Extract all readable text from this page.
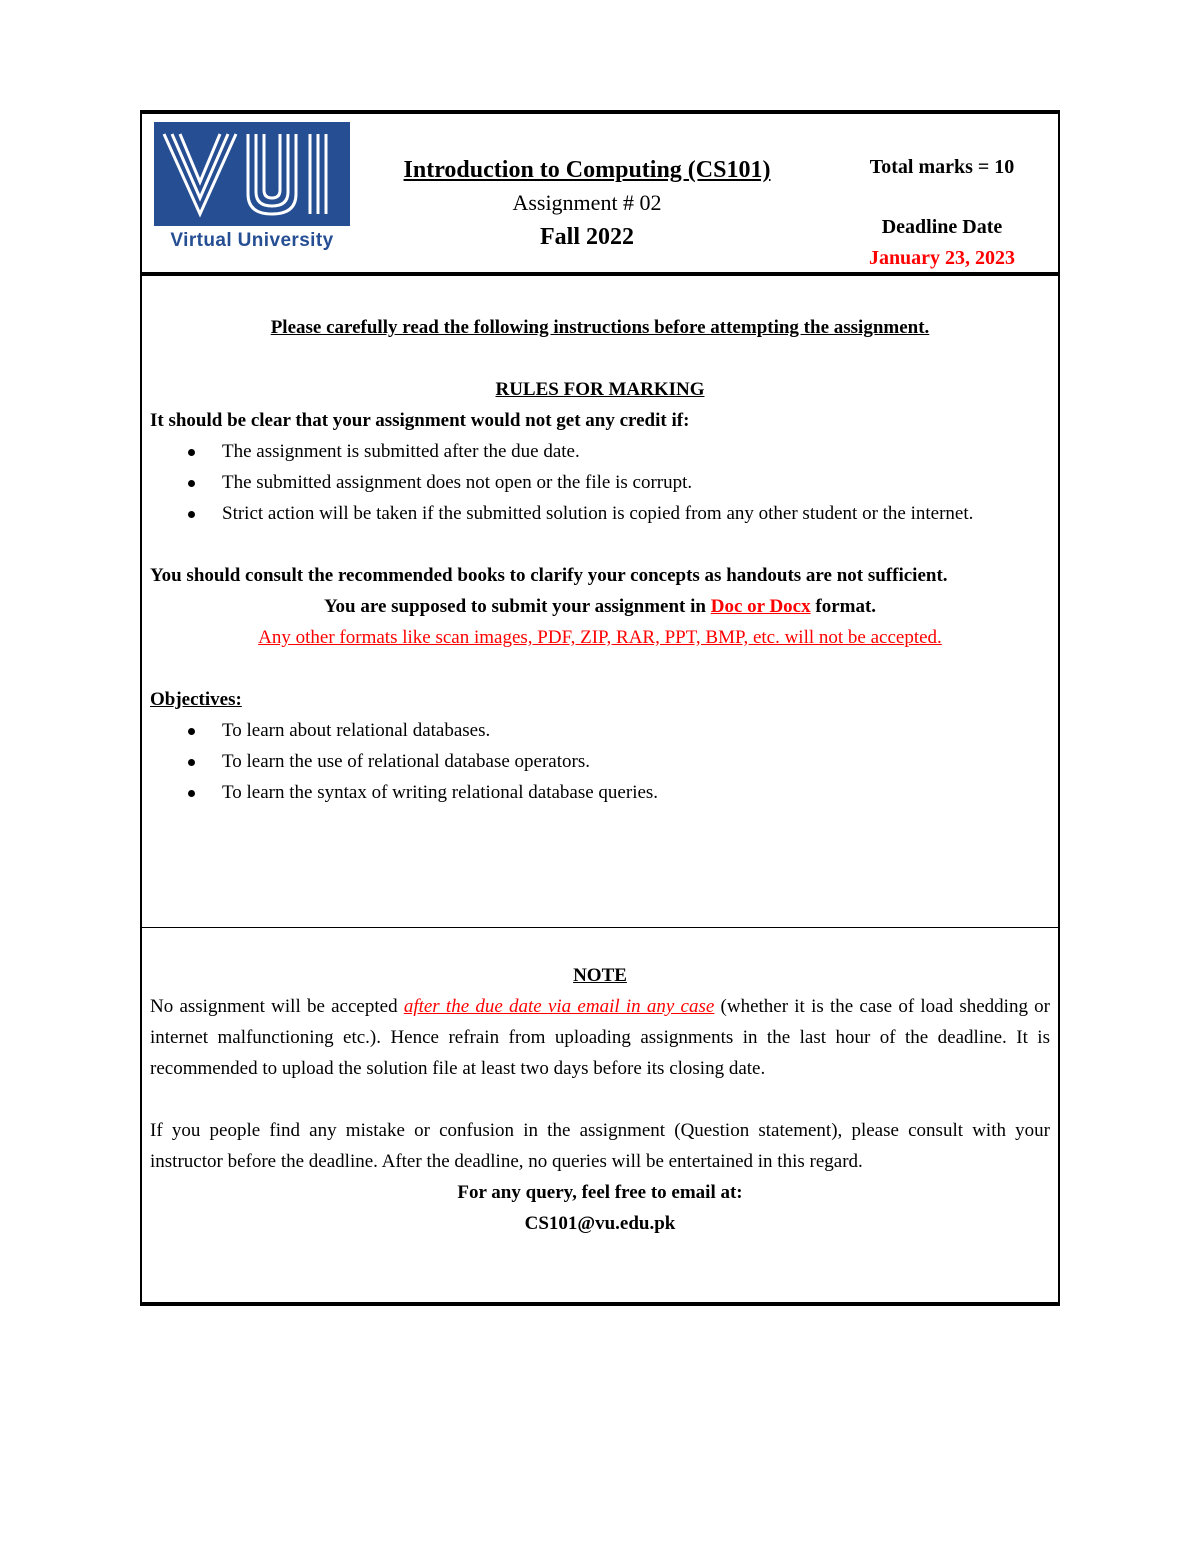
Virtual University
Introduction to Computing (CS101)
Assignment # 02
Fall 2022
Total marks = 10
Deadline Date
January 23, 2023
Please carefully read the following instructions before attempting the assignment.
RULES FOR MARKING
It should be clear that your assignment would not get any credit if:
The assignment is submitted after the due date.
The submitted assignment does not open or the file is corrupt.
Strict action will be taken if the submitted solution is copied from any other student or the internet.
You should consult the recommended books to clarify your concepts as handouts are not sufficient.
You are supposed to submit your assignment in Doc or Docx format.
Any other formats like scan images, PDF, ZIP, RAR, PPT, BMP, etc. will not be accepted.
Objectives:
To learn about relational databases.
To learn the use of relational database operators.
To learn the syntax of writing relational database queries.
NOTE
No assignment will be accepted after the due date via email in any case (whether it is the case of load shedding or internet malfunctioning etc.). Hence refrain from uploading assignments in the last hour of the deadline. It is recommended to upload the solution file at least two days before its closing date.
If you people find any mistake or confusion in the assignment (Question statement), please consult with your instructor before the deadline. After the deadline, no queries will be entertained in this regard.
For any query, feel free to email at:
CS101@vu.edu.pk
